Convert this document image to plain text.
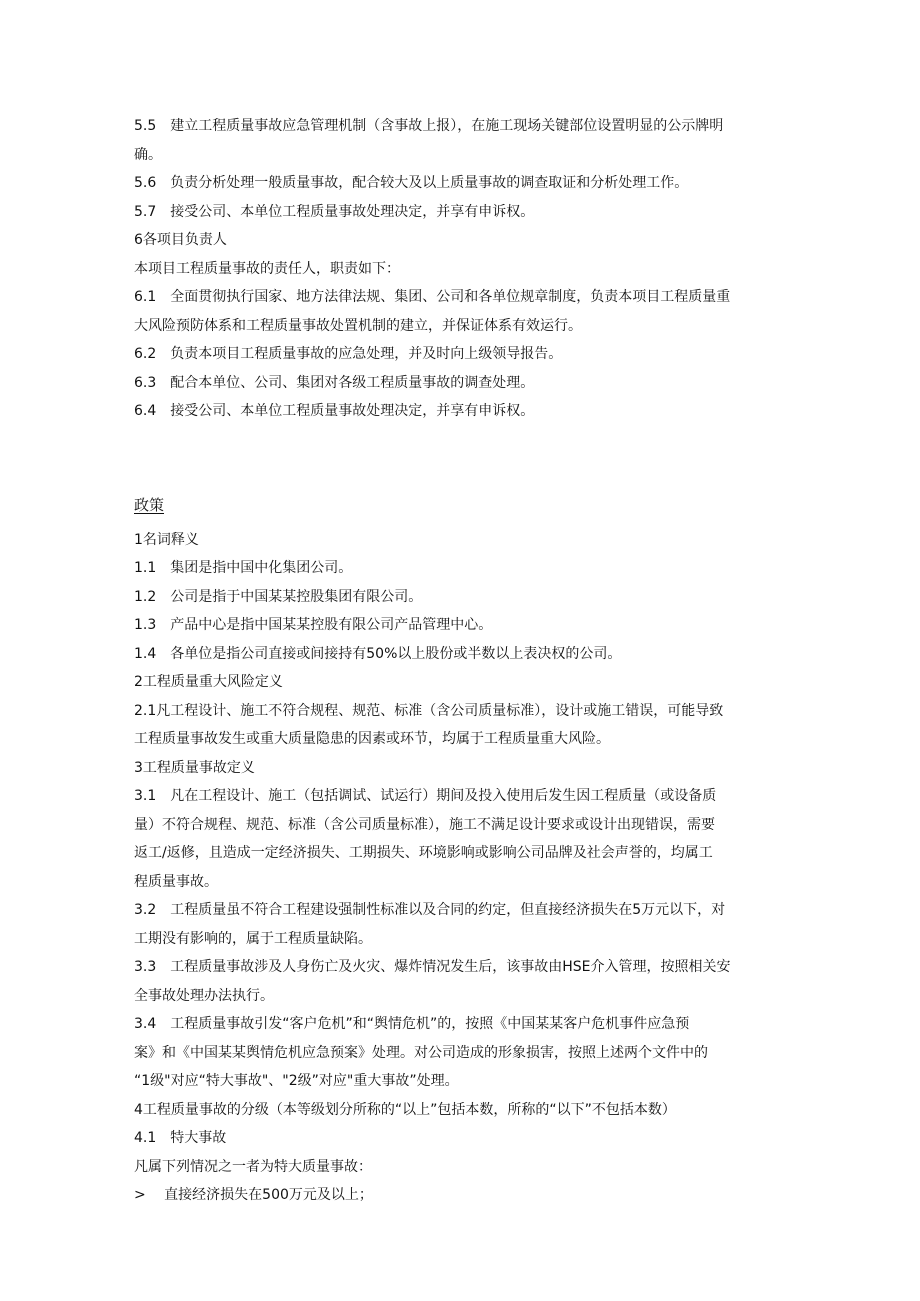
5.5　建立工程质量事故应急管理机制（含事故上报），在施工现场关键部位设置明显的公示牌明
确。
5.6　负责分析处理一般质量事故，配合较大及以上质量事故的调查取证和分析处理工作。
5.7　接受公司、本单位工程质量事故处理决定，并享有申诉权。
6各项目负责人
本项目工程质量事故的责任人，职责如下：
6.1　全面贯彻执行国家、地方法律法规、集团、公司和各单位规章制度，负责本项目工程质量重
大风险预防体系和工程质量事故处置机制的建立，并保证体系有效运行。
6.2　负责本项目工程质量事故的应急处理，并及时向上级领导报告。
6.3　配合本单位、公司、集团对各级工程质量事故的调查处理。
6.4　接受公司、本单位工程质量事故处理决定，并享有申诉权。
政策
1名词释义
1.1　集团是指中国中化集团公司。
1.2　公司是指于中国某某控股集团有限公司。
1.3　产品中心是指中国某某控股有限公司产品管理中心。
1.4　各单位是指公司直接或间接持有50%以上股份或半数以上表决权的公司。
2工程质量重大风险定义
2.1凡工程设计、施工不符合规程、规范、标准（含公司质量标准），设计或施工错误，可能导致
工程质量事故发生或重大质量隐患的因素或环节，均属于工程质量重大风险。
3工程质量事故定义
3.1　凡在工程设计、施工（包括调试、试运行）期间及投入使用后发生因工程质量（或设备质
量）不符合规程、规范、标准（含公司质量标准），施工不满足设计要求或设计出现错误，需要
返工/返修，且造成一定经济损失、工期损失、环境影响或影响公司品牌及社会声誉的，均属工
程质量事故。
3.2　工程质量虽不符合工程建设强制性标准以及合同的约定，但直接经济损失在5万元以下，对
工期没有影响的，属于工程质量缺陷。
3.3　工程质量事故涉及人身伤亡及火灾、爆炸情况发生后，该事故由HSE介入管理，按照相关安
全事故处理办法执行。
3.4　工程质量事故引发“客户危机”和“舆情危机”的，按照《中国某某客户危机事件应急预
案》和《中国某某舆情危机应急预案》处理。对公司造成的形象损害，按照上述两个文件中的
“1级"对应“特大事故"、"2级”对应"重大事故”处理。
4工程质量事故的分级（本等级划分所称的“以上”包括本数，所称的“以下”不包括本数）
4.1　特大事故
凡属下列情况之一者为特大质量事故：
>　 直接经济损失在500万元及以上；
